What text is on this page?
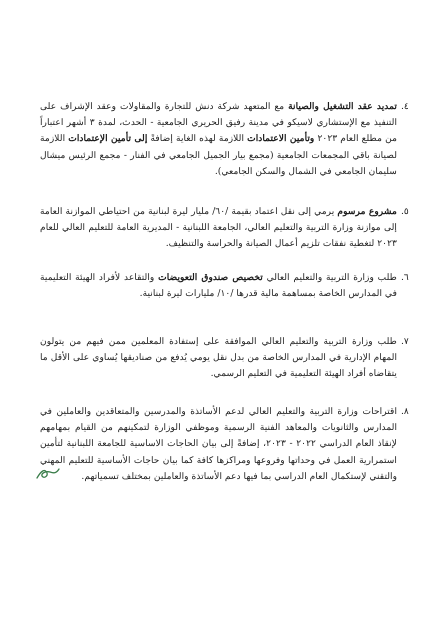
٤.
تمديد عقد التشغيل والصيانة مع المتعهد شركة دنش للتجارة والمقاولات وعقد الإشراف على التنفيذ مع الإستشاري لاسيكو في مدينة رفيق الحريري الجامعية - الحدث، لمدة ٣ أشهر اعتباراً من مطلع العام ٢٠٢٣ وتأمين الاعتمادات اللازمة لهذه الغاية إضافةً إلى تأمين الإعتمادات اللازمة لصيانة باقي المجمعات الجامعية (مجمع بيار الجميل الجامعي في الفنار - مجمع الرئيس ميشال سليمان الجامعي في الشمال والسكن الجامعي).
٥.
مشروع مرسوم يرمي إلى نقل اعتماد بقيمة /٦٠/ مليار ليرة لبنانية من احتياطي الموازنة العامة إلى موازنة وزارة التربية والتعليم العالي، الجامعة اللبنانية - المديرية العامة للتعليم العالي للعام ٢٠٢٣ لتغطية نفقات تلزيم أعمال الصيانة والحراسة والتنظيف.
٦.
طلب وزارة التربية والتعليم العالي تخصيص صندوق التعويضات والتقاعد لأفراد الهيئة التعليمية في المدارس الخاصة بمساهمة مالية قدرها /١٠/ مليارات ليرة لبنانية.
٧.
طلب وزارة التربية والتعليم العالي الموافقة على إستفادة المعلمين ممن فيهم من يتولون المهام الإدارية في المدارس الخاصة من بدل نقل يومي يُدفع من صناديقها يُساوي على الأقل ما يتقاضاه أفراد الهيئة التعليمية في التعليم الرسمي.
٨.
اقتراحات وزارة التربية والتعليم العالي لدعم الأساتذة والمدرسين والمتعاقدين والعاملين في المدارس والثانويات والمعاهد الفنية الرسمية وموظفي الوزارة لتمكينهم من القيام بمهامهم لإنقاذ العام الدراسي ٢٠٢٢ - ٢٠٢٣، إضافةً إلى بيان الحاجات الاساسية للجامعة اللبنانية لتأمين استمرارية العمل في وحداتها وفروعها ومراكزها كافة كما بيان حاجات الأساسية للتعليم المهني والتقني لإستكمال العام الدراسي بما فيها دعم الأساتذة والعاملين بمختلف تسمياتهم.
